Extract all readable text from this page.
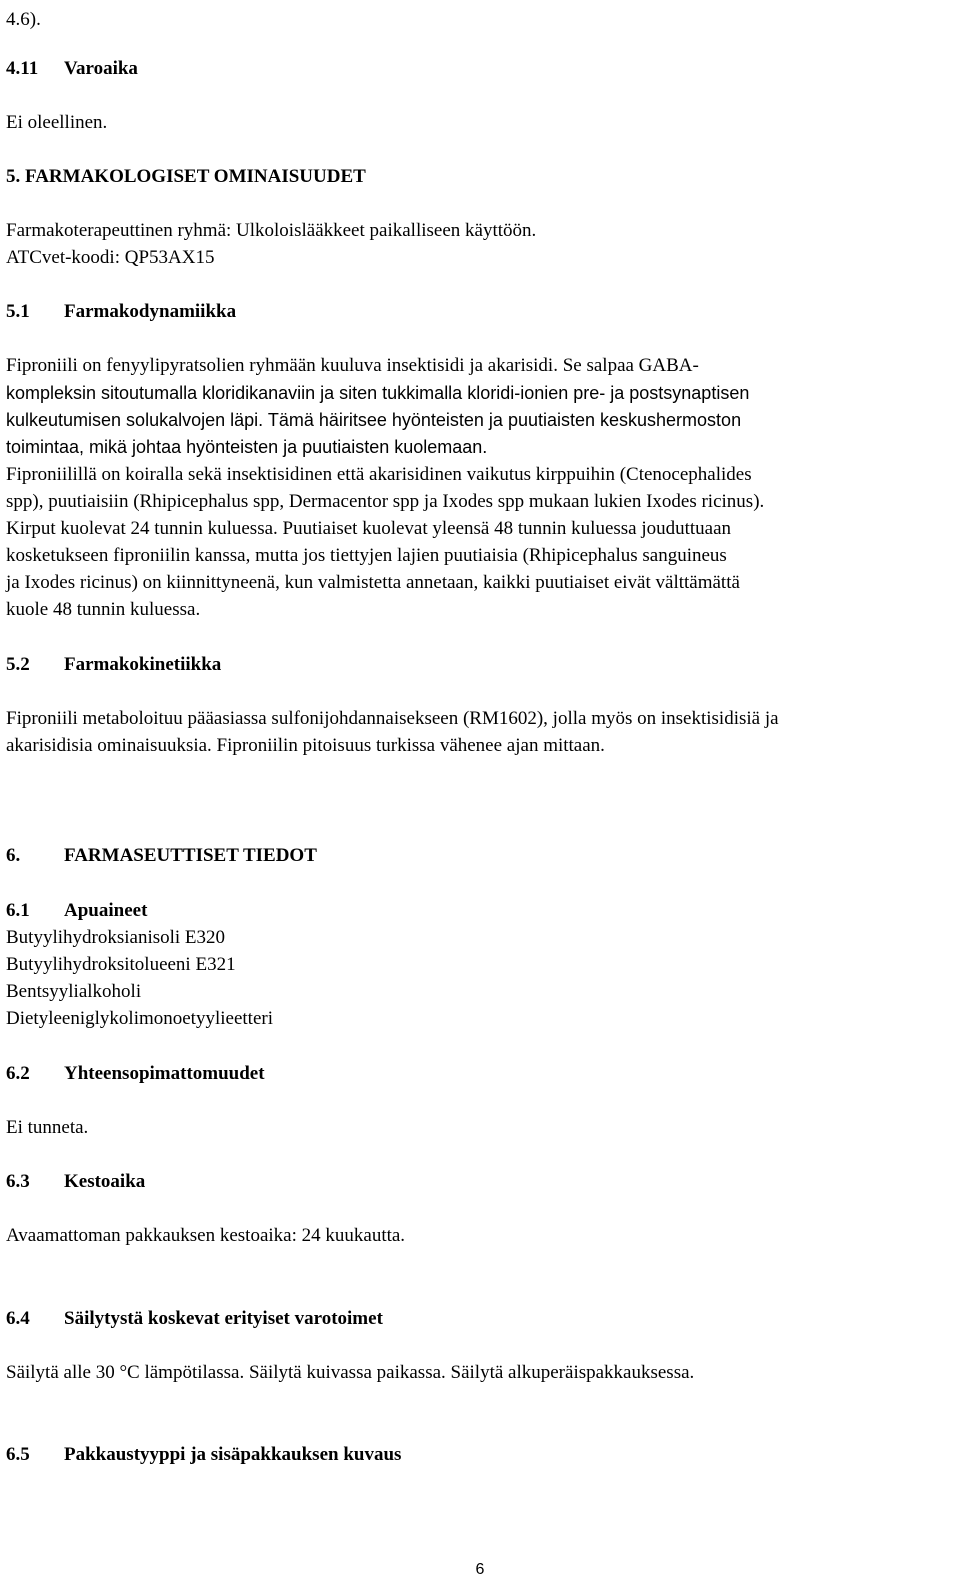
4.6).
4.11 Varoaika
Ei oleellinen.
5. FARMAKOLOGISET OMINAISUUDET
Farmakoterapeuttinen ryhmä: Ulkoloislääkkeet paikalliseen käyttöön.
ATCvet-koodi: QP53AX15
5.1 Farmakodynamiikka
Fiproniili on fenyylipyratsolien ryhmään kuuluva insektisidi ja akarisidi. Se salpaa GABA-
kompleksin sitoutumalla kloridikanaviin ja siten tukkimalla kloridi-ionien pre- ja postsynaptisen
kulkeutumisen solukalvojen läpi. Tämä häiritsee hyönteisten ja puutiaisten keskushermoston
toimintaa, mikä johtaa hyönteisten ja puutiaisten kuolemaan.
Fiproniilillä on koiralla sekä insektisidinen että akarisidinen vaikutus kirppuihin (Ctenocephalides
spp), puutiaisiin (Rhipicephalus spp, Dermacentor spp ja Ixodes spp mukaan lukien Ixodes ricinus).
Kirput kuolevat 24 tunnin kuluessa. Puutiaiset kuolevat yleensä 48 tunnin kuluessa jouduttuaan
kosketukseen fiproniilin kanssa, mutta jos tiettyjen lajien puutiaisia (Rhipicephalus sanguineus
ja Ixodes ricinus) on kiinnittyneenä, kun valmistetta annetaan, kaikki puutiaiset eivät välttämättä
kuole 48 tunnin kuluessa.
5.2 Farmakokinetiikka
Fiproniili metaboloituu pääasiassa sulfonijohdannaisekseen (RM1602), jolla myös on insektisidisiä ja
akarisidisia ominaisuuksia. Fiproniilin pitoisuus turkissa vähenee ajan mittaan.
6. FARMASEUTTISET TIEDOT
6.1 Apuaineet
Butyylihydroksianisoli E320
Butyylihydroksitolueeni E321
Bentsyylialkoholi
Dietyleeniglykolimonoetyylieetteri
6.2 Yhteensopimattomuudet
Ei tunneta.
6.3 Kestoaika
Avaamattoman pakkauksen kestoaika: 24 kuukautta.
6.4 Säilytystä koskevat erityiset varotoimet
Säilytä alle 30 °C lämpötilassa. Säilytä kuivassa paikassa. Säilytä alkuperäispakkauksessa.
6.5 Pakkaustyyppi ja sisäpakkauksen kuvaus
6
